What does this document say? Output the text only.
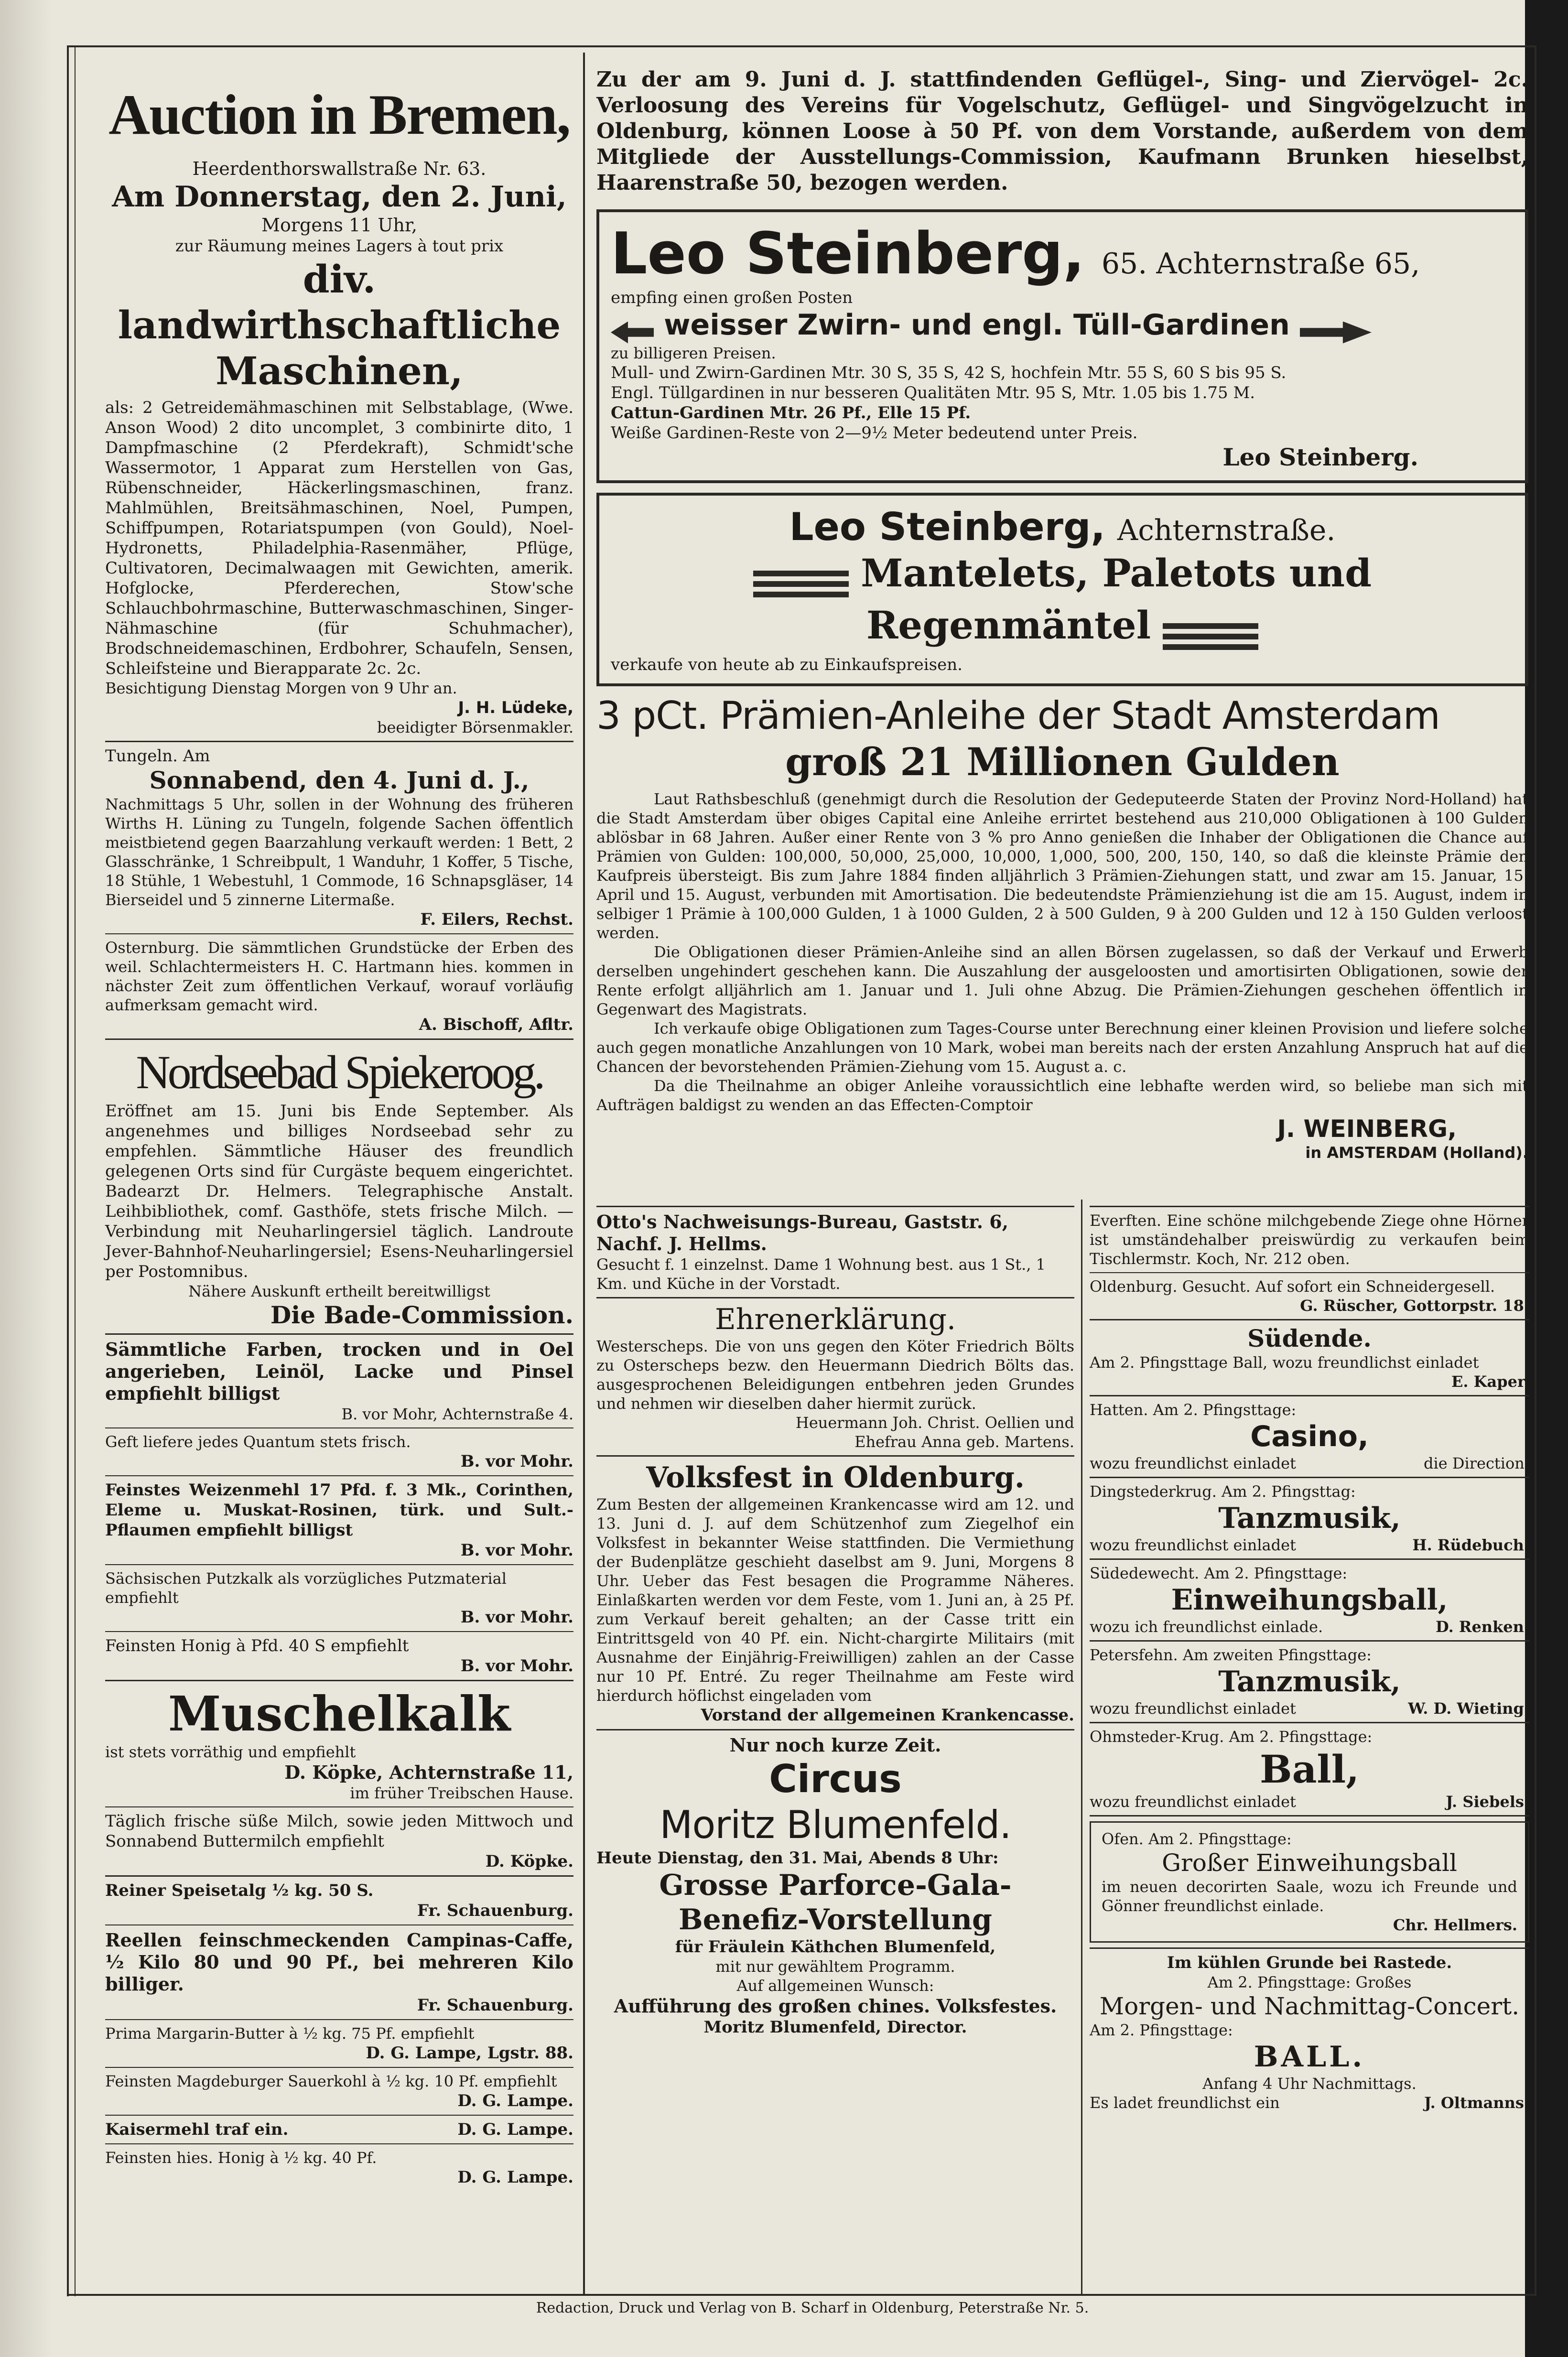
Auction in Bremen,

Heerdenthorswallstraße Nr. 63.

Am Donnerstag, den 2. Juni,

Morgens 11 Uhr,

zur Räumung meines Lagers à tout prix

div. landwirthschaftliche

Maschinen,

als: 2 Getreidemähmaschinen mit Selbstablage, (Wwe. Anson Wood) 2 dito uncomplet, 3 combinirte dito, 1 Dampfmaschine (2 Pferdekraft), Schmidt'sche Wassermotor, 1 Apparat zum Herstellen von Gas, Rübenschneider, Häckerlingsmaschinen, franz. Mahlmühlen, Breitsähmaschinen, Noel, Pumpen, Schiffpumpen, Rotariatspumpen (von Gould), Noel-Hydronetts, Philadelphia-Rasenmäher, Pflüge, Cultivatoren, Decimalwaagen mit Gewichten, amerik. Hofglocke, Pferderechen, Stow'sche Schlauchbohrmaschine, Butterwaschmaschinen, Singer-Nähmaschine (für Schuhmacher), Brodschneidemaschinen, Erdbohrer, Schaufeln, Sensen, Schleifsteine und Bierapparate 2c. 2c.

Besichtigung Dienstag Morgen von 9 Uhr an.

J. H. Lüdeke,

beeidigter Börsenmakler.

Tungeln. Am

Sonnabend, den 4. Juni d. J.,

Nachmittags 5 Uhr, sollen in der Wohnung des früheren Wirths H. Lüning zu Tungeln, folgende Sachen öffentlich meistbietend gegen Baarzahlung verkauft werden: 1 Bett, 2 Glasschränke, 1 Schreibpult, 1 Wanduhr, 1 Koffer, 5 Tische, 18 Stühle, 1 Webestuhl, 1 Commode, 16 Schnapsgläser, 14 Bierseidel und 5 zinnerne Litermaße.

F. Eilers, Rechst.

Osternburg. Die sämmtlichen Grundstücke der Erben des weil. Schlachtermeisters H. C. Hartmann hies. kommen in nächster Zeit zum öffentlichen Verkauf, worauf vorläufig aufmerksam gemacht wird.

A. Bischoff, Afltr.

Nordseebad Spiekeroog.

Eröffnet am 15. Juni bis Ende September. Als angenehmes und billiges Nordseebad sehr zu empfehlen. Sämmtliche Häuser des freundlich gelegenen Orts sind für Curgäste bequem eingerichtet. Badearzt Dr. Helmers. Telegraphische Anstalt. Leihbibliothek, comf. Gasthöfe, stets frische Milch. — Verbindung mit Neuharlingersiel täglich. Landroute Jever-Bahnhof-Neuharlingersiel; Esens-Neuharlingersiel per Postomnibus.

Nähere Auskunft ertheilt bereitwilligst

Die Bade-Commission.

Sämmtliche Farben, trocken und in Oel angerieben, Leinöl, Lacke und Pinsel empfiehlt billigst

B. vor Mohr, Achternstraße 4.

Geft liefere jedes Quantum stets frisch.

B. vor Mohr.

Feinstes Weizenmehl 17 Pfd. f. 3 Mk., Corinthen, Eleme u. Muskat-Rosinen, türk. und Sult.-Pflaumen empfiehlt billigst

B. vor Mohr.

Sächsischen Putzkalk als vorzügliches Putzmaterial empfiehlt

B. vor Mohr.

Feinsten Honig à Pfd. 40 S empfiehlt

B. vor Mohr.

Muschelkalk

ist stets vorräthig und empfiehlt

D. Köpke, Achternstraße 11,

im früher Treibschen Hause.

Täglich frische süße Milch, sowie jeden Mittwoch und Sonnabend Buttermilch empfiehlt

D. Köpke.

Reiner Speisetalg ½ kg. 50 S.

Fr. Schauenburg.

Reellen feinschmeckenden Campinas-Caffe, ½ Kilo 80 und 90 Pf., bei mehreren Kilo billiger.

Fr. Schauenburg.

Prima Margarin-Butter à ½ kg. 75 Pf. empfiehlt

D. G. Lampe, Lgstr. 88.

Feinsten Magdeburger Sauerkohl à ½ kg. 10 Pf. empfiehlt

D. G. Lampe.

Kaisermehl traf ein.	D. G. Lampe.

Feinsten hies. Honig à ½ kg. 40 Pf.

D. G. Lampe.

Zu der am 9. Juni d. J. stattfindenden Geflügel-, Sing- und Ziervögel- 2c. Verloosung des Vereins für Vogelschutz, Geflügel- und Singvögelzucht in Oldenburg, können Loose à 50 Pf. von dem Vorstande, außerdem von dem Mitgliede der Ausstellungs-Commission, Kaufmann Brunken hieselbst, Haarenstraße 50, bezogen werden.

Leo Steinberg, 65. Achternstraße 65,

empfing einen großen Posten

weisser Zwirn- und engl. Tüll-Gardinen

zu billigeren Preisen.

Mull- und Zwirn-Gardinen Mtr. 30 S, 35 S, 42 S, hochfein Mtr. 55 S, 60 S bis 95 S.

Engl. Tüllgardinen in nur besseren Qualitäten Mtr. 95 S, Mtr. 1.05 bis 1.75 M.

Cattun-Gardinen Mtr. 26 Pf., Elle 15 Pf.

Weiße Gardinen-Reste von 2—9½ Meter bedeutend unter Preis.

Leo Steinberg.

Leo Steinberg, Achternstraße.

Mantelets, Paletots und Regenmäntel

verkaufe von heute ab zu Einkaufspreisen.

3 pCt. Prämien-Anleihe der Stadt Amsterdam

groß 21 Millionen Gulden

Laut Rathsbeschluß (genehmigt durch die Resolution der Gedeputeerde Staten der Provinz Nord-Holland) hat die Stadt Amsterdam über obiges Capital eine Anleihe errirtet bestehend aus 210,000 Obligationen à 100 Gulden ablösbar in 68 Jahren. Außer einer Rente von 3 % pro Anno genießen die Inhaber der Obligationen die Chance auf Prämien von Gulden: 100,000, 50,000, 25,000, 10,000, 1,000, 500, 200, 150, 140, so daß die kleinste Prämie den Kaufpreis übersteigt. Bis zum Jahre 1884 finden alljährlich 3 Prämien-Ziehungen statt, und zwar am 15. Januar, 15. April und 15. August, verbunden mit Amortisation. Die bedeutendste Prämienziehung ist die am 15. August, indem in selbiger 1 Prämie à 100,000 Gulden, 1 à 1000 Gulden, 2 à 500 Gulden, 9 à 200 Gulden und 12 à 150 Gulden verloost werden.

Die Obligationen dieser Prämien-Anleihe sind an allen Börsen zugelassen, so daß der Verkauf und Erwerb derselben ungehindert geschehen kann. Die Auszahlung der ausgeloosten und amortisirten Obligationen, sowie der Rente erfolgt alljährlich am 1. Januar und 1. Juli ohne Abzug. Die Prämien-Ziehungen geschehen öffentlich in Gegenwart des Magistrats.

Ich verkaufe obige Obligationen zum Tages-Course unter Berechnung einer kleinen Provision und liefere solche auch gegen monatliche Anzahlungen von 10 Mark, wobei man bereits nach der ersten Anzahlung Anspruch hat auf die Chancen der bevorstehenden Prämien-Ziehung vom 15. August a. c.

Da die Theilnahme an obiger Anleihe voraussichtlich eine lebhafte werden wird, so beliebe man sich mit Aufträgen baldigst zu wenden an das Effecten-Comptoir

J. WEINBERG,

in AMSTERDAM (Holland).

Otto's Nachweisungs-Bureau, Gaststr. 6, Nachf. J. Hellms.

Gesucht f. 1 einzelnst. Dame 1 Wohnung best. aus 1 St., 1 Km. und Küche in der Vorstadt.

Ehrenerklärung.

Westerscheps. Die von uns gegen den Köter Friedrich Bölts zu Osterscheps bezw. den Heuermann Diedrich Bölts das. ausgesprochenen Beleidigungen entbehren jeden Grundes und nehmen wir dieselben daher hiermit zurück.

Heuermann Joh. Christ. Oellien und

Ehefrau Anna geb. Martens.

Volksfest in Oldenburg.

Zum Besten der allgemeinen Krankencasse wird am 12. und 13. Juni d. J. auf dem Schützenhof zum Ziegelhof ein Volksfest in bekannter Weise stattfinden. Die Vermiethung der Budenplätze geschieht daselbst am 9. Juni, Morgens 8 Uhr. Ueber das Fest besagen die Programme Näheres. Einlaßkarten werden vor dem Feste, vom 1. Juni an, à 25 Pf. zum Verkauf bereit gehalten; an der Casse tritt ein Eintrittsgeld von 40 Pf. ein. Nicht-chargirte Militairs (mit Ausnahme der Einjährig-Freiwilligen) zahlen an der Casse nur 10 Pf. Entré. Zu reger Theilnahme am Feste wird hierdurch höflichst eingeladen vom

Vorstand der allgemeinen Krankencasse.

Nur noch kurze Zeit.

Circus

Moritz Blumenfeld.

Heute Dienstag, den 31. Mai, Abends 8 Uhr:

Grosse Parforce-Gala-

Benefiz-Vorstellung

für Fräulein Käthchen Blumenfeld,

mit nur gewähltem Programm.

Auf allgemeinen Wunsch:

Aufführung des großen chines. Volksfestes.

Moritz Blumenfeld, Director.

Everften. Eine schöne milchgebende Ziege ohne Hörner ist umständehalber preiswürdig zu verkaufen beim Tischlermstr. Koch, Nr. 212 oben.

Oldenburg. Gesucht. Auf sofort ein Schneidergesell.

G. Rüscher, Gottorpstr. 18.

Südende.

Am 2. Pfingsttage Ball, wozu freundlichst einladet

E. Kaper.

Hatten. Am 2. Pfingsttage:

Casino,

wozu freundlichst einladet	die Direction.

Dingstederkrug. Am 2. Pfingsttag:

Tanzmusik,

wozu freundlichst einladet	H. Rüdebuch.

Südedewecht. Am 2. Pfingsttage:

Einweihungsball,

wozu ich freundlichst einlade.	D. Renken.

Petersfehn. Am zweiten Pfingsttage:

Tanzmusik,

wozu freundlichst einladet	W. D. Wieting.

Ohmsteder-Krug. Am 2. Pfingsttage:

Ball,

wozu freundlichst einladet	J. Siebels.

Ofen. Am 2. Pfingsttage:

Großer Einweihungsball

im neuen decorirten Saale, wozu ich Freunde und Gönner freundlichst einlade.

Chr. Hellmers.

Im kühlen Grunde bei Rastede.

Am 2. Pfingsttage: Großes

Morgen- und Nachmittag-Concert.

Am 2. Pfingsttage:

BALL.

Anfang 4 Uhr Nachmittags.

Es ladet freundlichst ein	J. Oltmanns.

Redaction, Druck und Verlag von B. Scharf in Oldenburg, Peterstraße Nr. 5.
